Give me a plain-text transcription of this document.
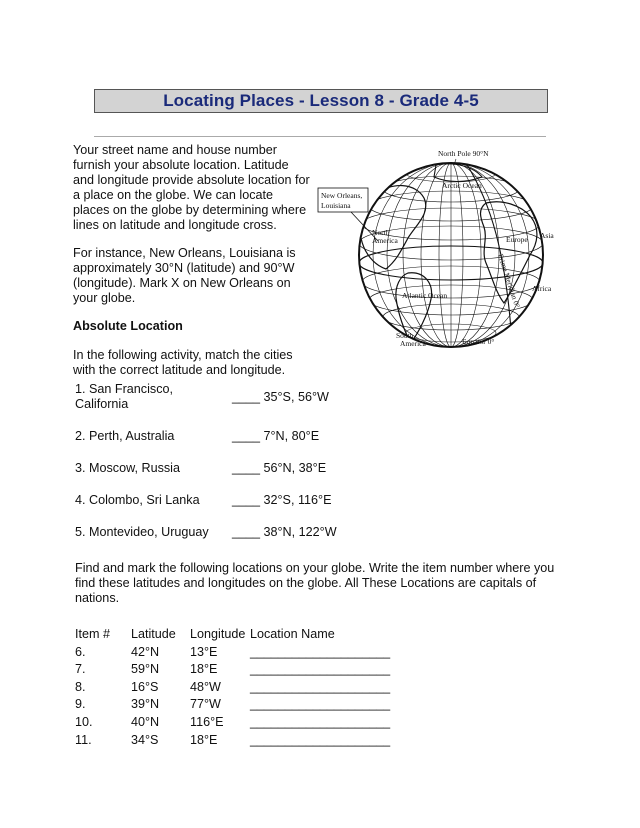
Locating Places - Lesson 8 - Grade 4-5
Your street name and house number
furnish your absolute location. Latitude
and longitude provide absolute location for
a place on the globe. We can locate
places on the globe by determining where
lines on latitude and longitude cross.
For instance, New Orleans, Louisiana is
approximately 30°N (latitude) and 90°W
(longitude). Mark X on New Orleans on
your globe.
Absolute Location
In the following activity, match the cities
with the correct latitude and longitude.
1. San Francisco,
California	____ 35°S, 56°W
2. Perth, Australia	____ 7°N, 80°E
3. Moscow, Russia	____ 56°N, 38°E
4. Colombo, Sri Lanka	____ 32°S, 116°E
5. Montevideo, Uruguay ____ 38°N, 122°W
Find and mark the following locations on your globe. Write the item number where you
find these latitudes and longitudes on the globe. All These Locations are capitals of
nations.
Item # Latitude Longitude Location Name
6.	42°N 13°E	____________________
7.	59°N 18°E	____________________
8.	16°S	48°W ____________________
9.	39°N 77°W ____________________
10.	40°N 116°E ____________________
11.	34°S	18°E	____________________
North Pole 90°N
New Orleans,
Louisiana
Arctic Ocean
North
America	Europe Asia
Prime Meridian 0°
Atlantic Ocean
Africa
South
America	Equator 0°
